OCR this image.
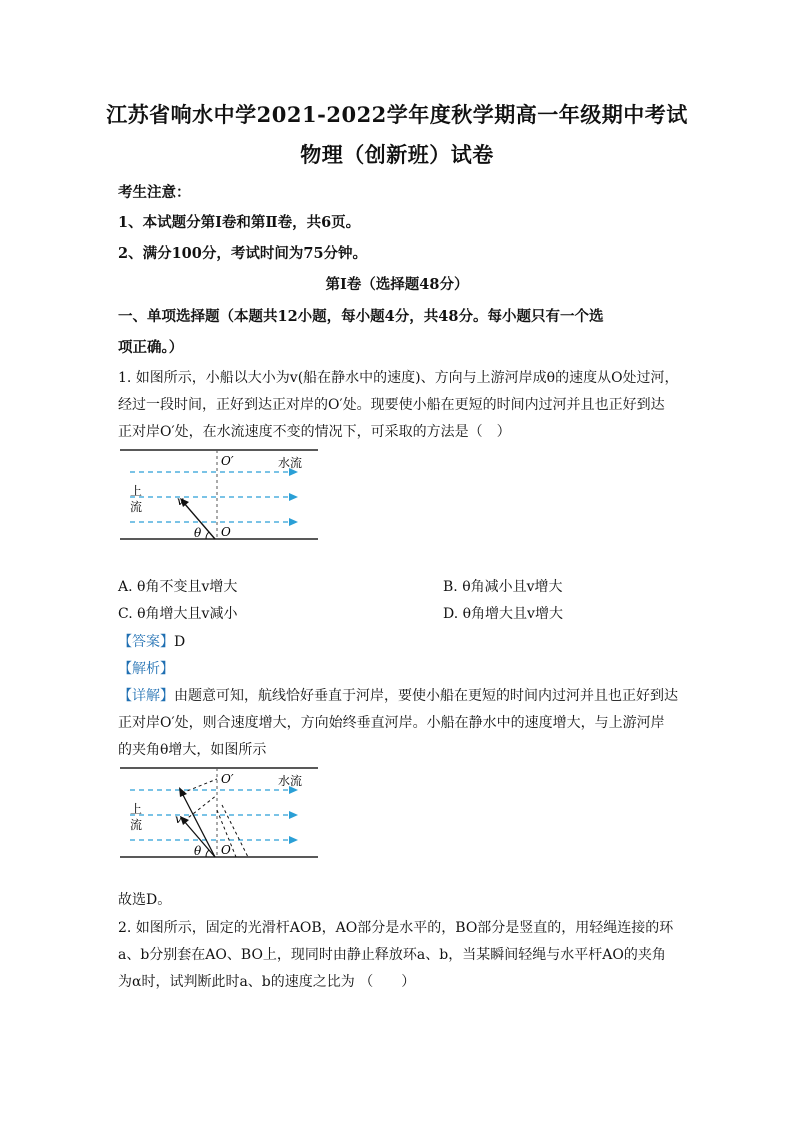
江苏省响水中学2021-2022学年度秋学期高一年级期中考试
物理（创新班）试卷
考生注意：
1、本试题分第Ⅰ卷和第Ⅱ卷，共6页。
2、满分100分，考试时间为75分钟。
第Ⅰ卷（选择题48分）
一、单项选择题（本题共12小题，每小题4分，共48分。每小题只有一个选
项正确。）
1. 如图所示，小船以大小为v(船在静水中的速度)、方向与上游河岸成θ的速度从O处过河，
经过一段时间，正好到达正对岸的O′处。现要使小船在更短的时间内过河并且也正好到达
正对岸O′处，在水流速度不变的情况下，可采取的方法是（　）
O′	水流
上
流	v
θ O
A. θ角不变且v增大	B. θ角减小且v增大
C. θ角增大且v减小	D. θ角增大且v增大
【答案】D
【解析】
【详解】由题意可知，航线恰好垂直于河岸，要使小船在更短的时间内过河并且也正好到达
正对岸O′处，则合速度增大，方向始终垂直河岸。小船在静水中的速度增大，与上游河岸
的夹角θ增大，如图所示
O′	水流
上
流	v
θ O
故选D。
2. 如图所示，固定的光滑杆AOB，AO部分是水平的，BO部分是竖直的，用轻绳连接的环
a、b分别套在AO、BO上，现同时由静止释放环a、b，当某瞬间轻绳与水平杆AO的夹角
为α时，试判断此时a、b的速度之比为 （　　）
